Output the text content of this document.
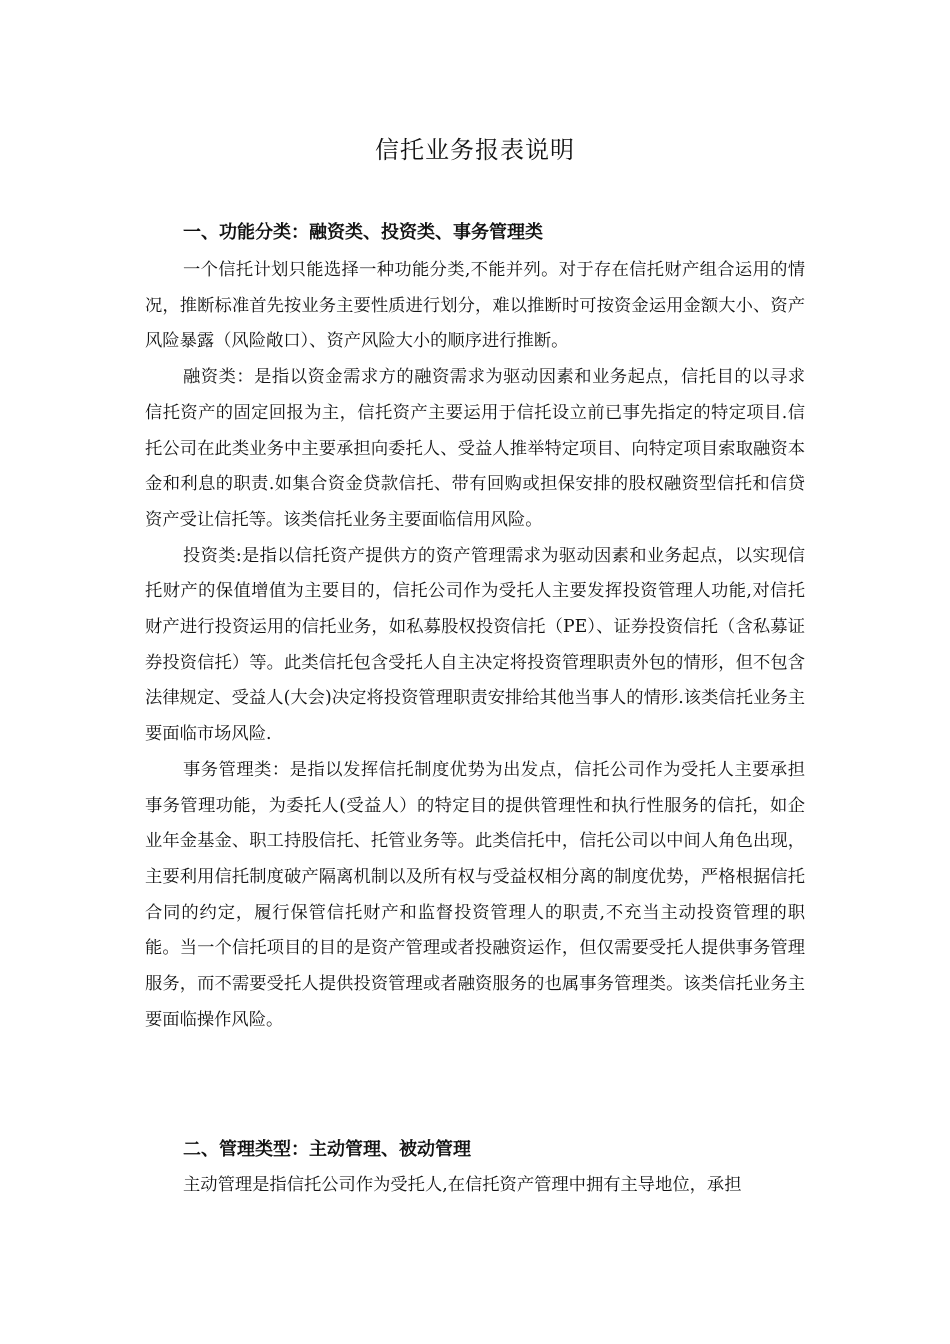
信托业务报表说明
一、功能分类：融资类、投资类、事务管理类

一个信托计划只能选择一种功能分类,不能并列。对于存在信托财产组合运用的情况，推断标准首先按业务主要性质进行划分，难以推断时可按资金运用金额大小、资产风险暴露（风险敞口）、资产风险大小的顺序进行推断。

融资类：是指以资金需求方的融资需求为驱动因素和业务起点，信托目的以寻求信托资产的固定回报为主，信托资产主要运用于信托设立前已事先指定的特定项目.信托公司在此类业务中主要承担向委托人、受益人推举特定项目、向特定项目索取融资本金和利息的职责.如集合资金贷款信托、带有回购或担保安排的股权融资型信托和信贷资产受让信托等。该类信托业务主要面临信用风险。

投资类:是指以信托资产提供方的资产管理需求为驱动因素和业务起点，以实现信托财产的保值增值为主要目的，信托公司作为受托人主要发挥投资管理人功能,对信托财产进行投资运用的信托业务，如私募股权投资信托（PE）、证券投资信托（含私募证券投资信托）等。此类信托包含受托人自主决定将投资管理职责外包的情形，但不包含法律规定、受益人(大会)决定将投资管理职责安排给其他当事人的情形.该类信托业务主要面临市场风险.

事务管理类：是指以发挥信托制度优势为出发点，信托公司作为受托人主要承担事务管理功能，为委托人(受益人）的特定目的提供管理性和执行性服务的信托，如企业年金基金、职工持股信托、托管业务等。此类信托中，信托公司以中间人角色出现，主要利用信托制度破产隔离机制以及所有权与受益权相分离的制度优势，严格根据信托合同的约定，履行保管信托财产和监督投资管理人的职责,不充当主动投资管理的职能。当一个信托项目的目的是资产管理或者投融资运作，但仅需要受托人提供事务管理服务，而不需要受托人提供投资管理或者融资服务的也属事务管理类。该类信托业务主要面临操作风险。

二、管理类型：主动管理、被动管理

主动管理是指信托公司作为受托人,在信托资产管理中拥有主导地位，承担
